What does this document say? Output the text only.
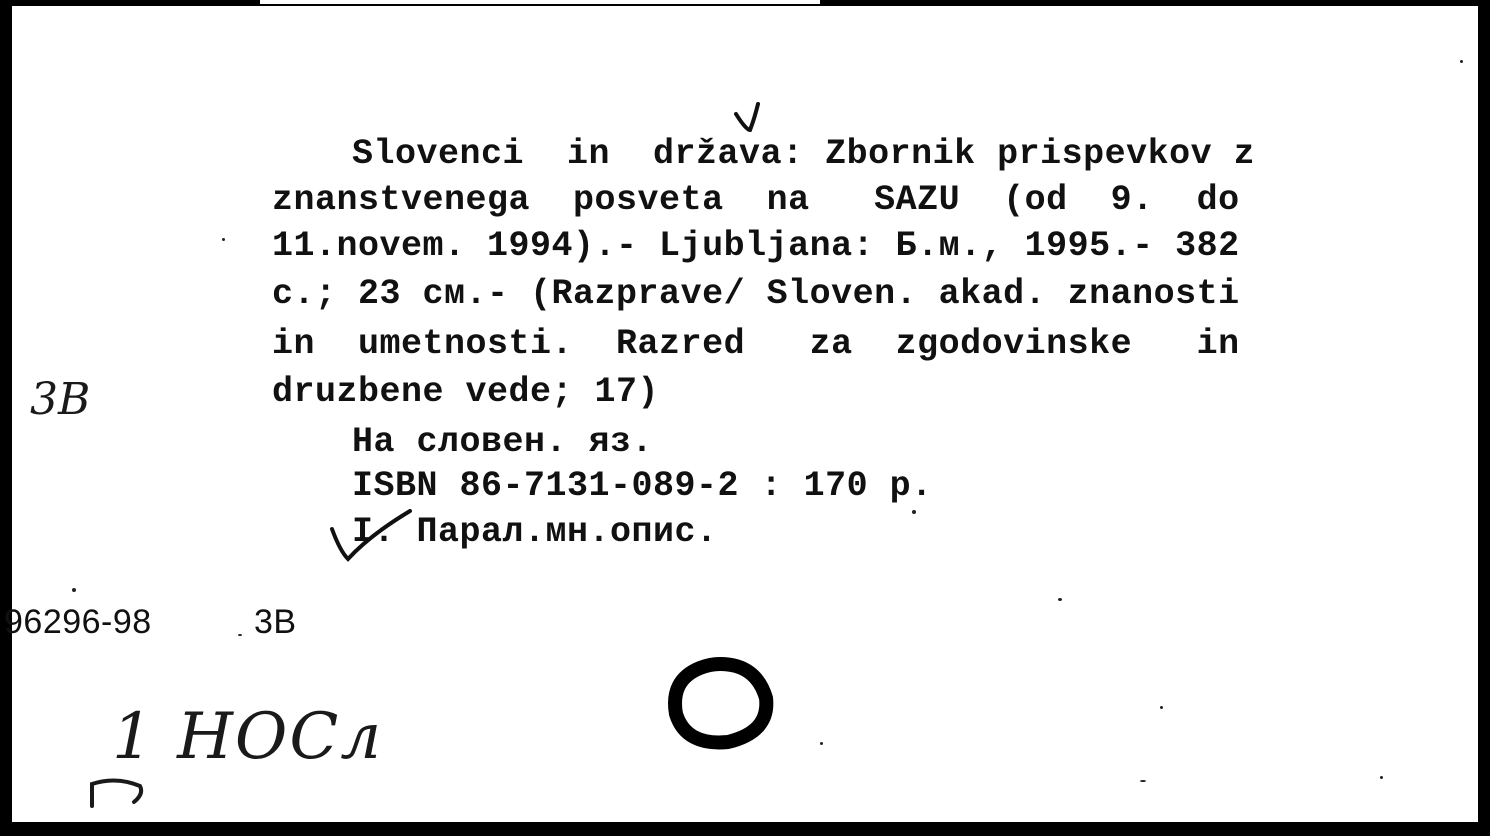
Slovenci  in  država: Zbornik prispevkov z
znanstvenega  posveta  na   SAZU  (od  9.  do
11.novem. 1994).- Ljubljana: Б.м., 1995.- 382
с.; 23 см.- (Razprave/ Sloven. akad. znanosti
in  umetnosti.  Razred   za  zgodovinske   in
druzbene vede; 17)
На словен. яз.
ISBN 86-7131-089-2 : 170 р.
I. Парал.мн.опис.
3B
96296-98	3B
1 НОСл
